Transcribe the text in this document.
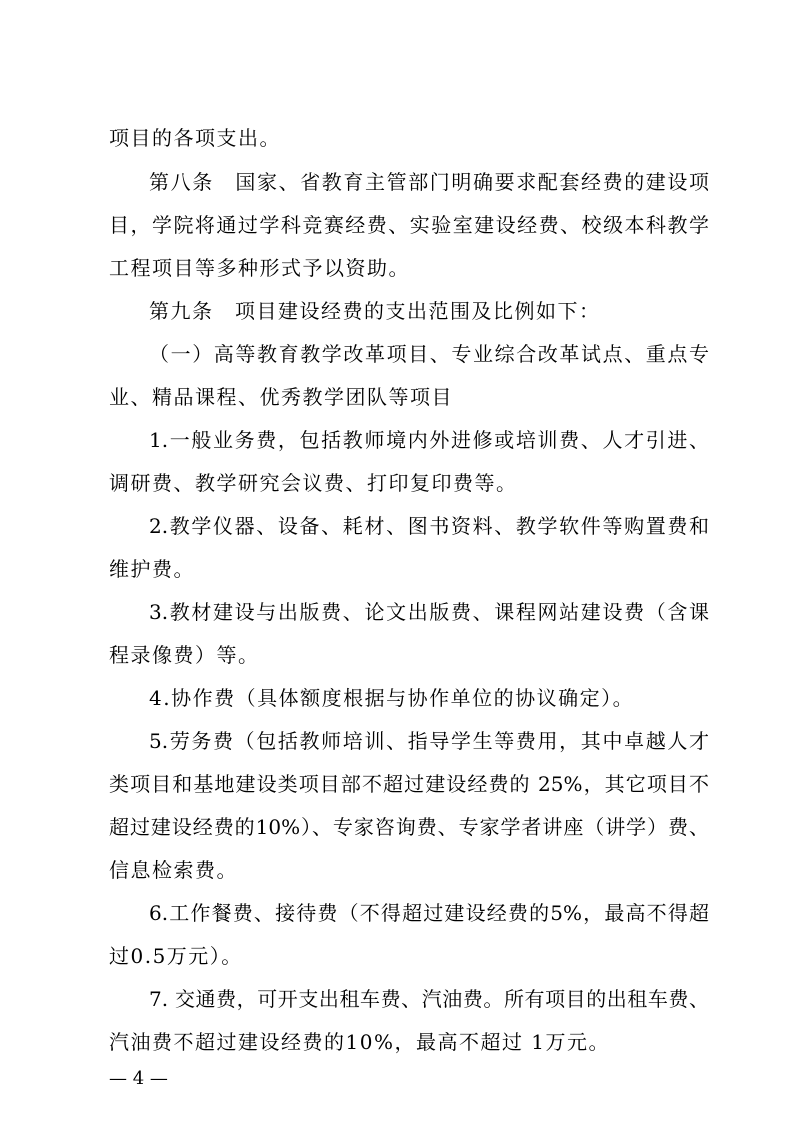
项目的各项支出。
第八条　国家、省教育主管部门明确要求配套经费的建设项
目，学院将通过学科竞赛经费、实验室建设经费、校级本科教学
工程项目等多种形式予以资助。
第九条　项目建设经费的支出范围及比例如下：
（一）高等教育教学改革项目、专业综合改革试点、重点专
业、精品课程、优秀教学团队等项目
1.一般业务费，包括教师境内外进修或培训费、人才引进、
调研费、教学研究会议费、打印复印费等。
2.教学仪器、设备、耗材、图书资料、教学软件等购置费和
维护费。
3.教材建设与出版费、论文出版费、课程网站建设费（含课
程录像费）等。
4.协作费（具体额度根据与协作单位的协议确定）。
5.劳务费（包括教师培训、指导学生等费用，其中卓越人才
类项目和基地建设类项目部不超过建设经费的 25%，其它项目不
超过建设经费的10%）、专家咨询费、专家学者讲座（讲学）费、
信息检索费。
6.工作餐费、接待费（不得超过建设经费的5%，最高不得超
过0.5万元）。
7. 交通费，可开支出租车费、汽油费。所有项目的出租车费、
汽油费不超过建设经费的10%，最高不超过 1万元。
— 4 —
